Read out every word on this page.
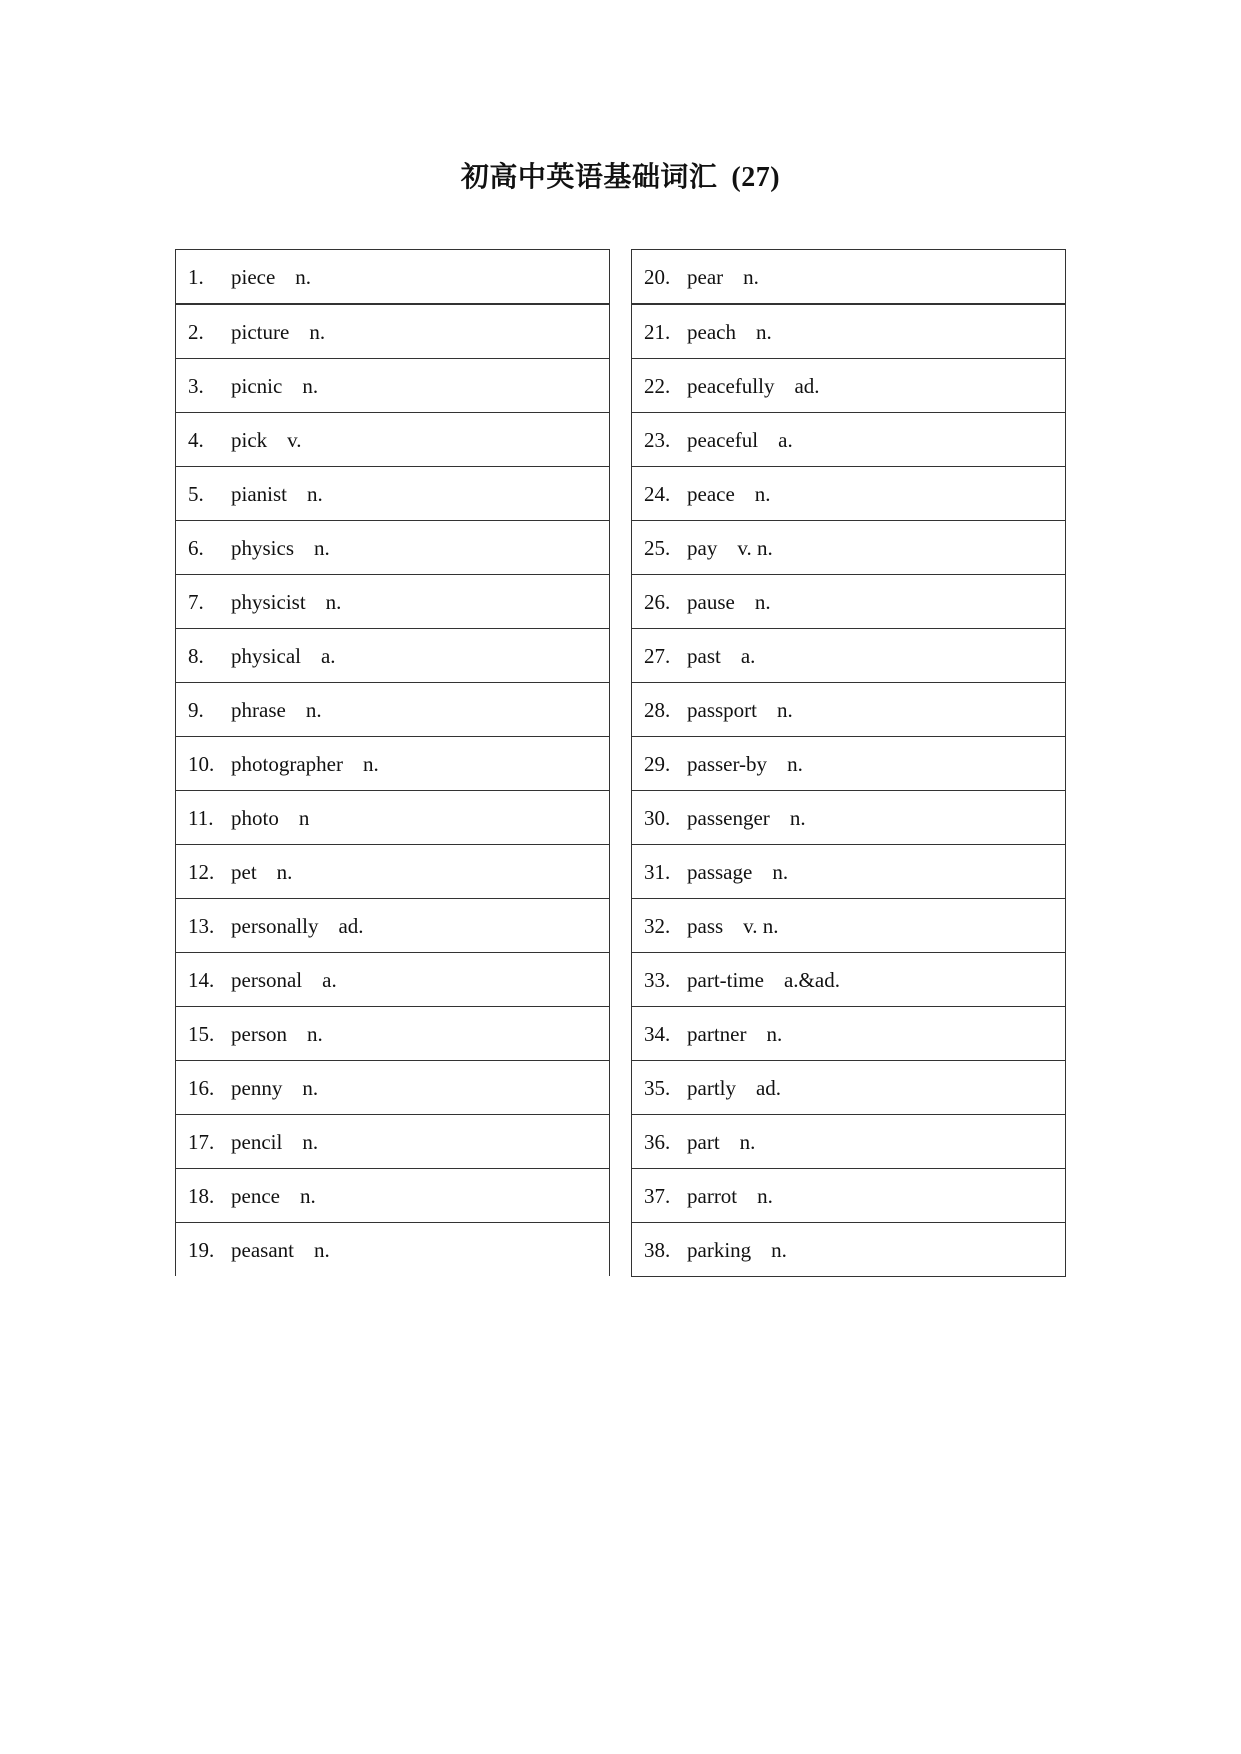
初高中英语基础词汇 (27)
1. piece n.

2. picture n.

3. picnic n.

4. pick v.

5. pianist n.

6. physics n.

7. physicist n.

8. physical a.

9. phrase n.

10. photographer n.

11. photo n

12. pet n.

13. personally ad.

14. personal a.

15. person n.

16. penny n.

17. pencil n.

18. pence n.

19. peasant n.
20. pear n.

21. peach n.

22. peacefully ad.

23. peaceful a.

24. peace n.

25. pay v. n.

26. pause n.

27. past a.

28. passport n.

29. passer-by n.

30. passenger n.

31. passage n.

32. pass v. n.

33. part-time a.&ad.

34. partner n.

35. partly ad.

36. part n.

37. parrot n.

38. parking n.
